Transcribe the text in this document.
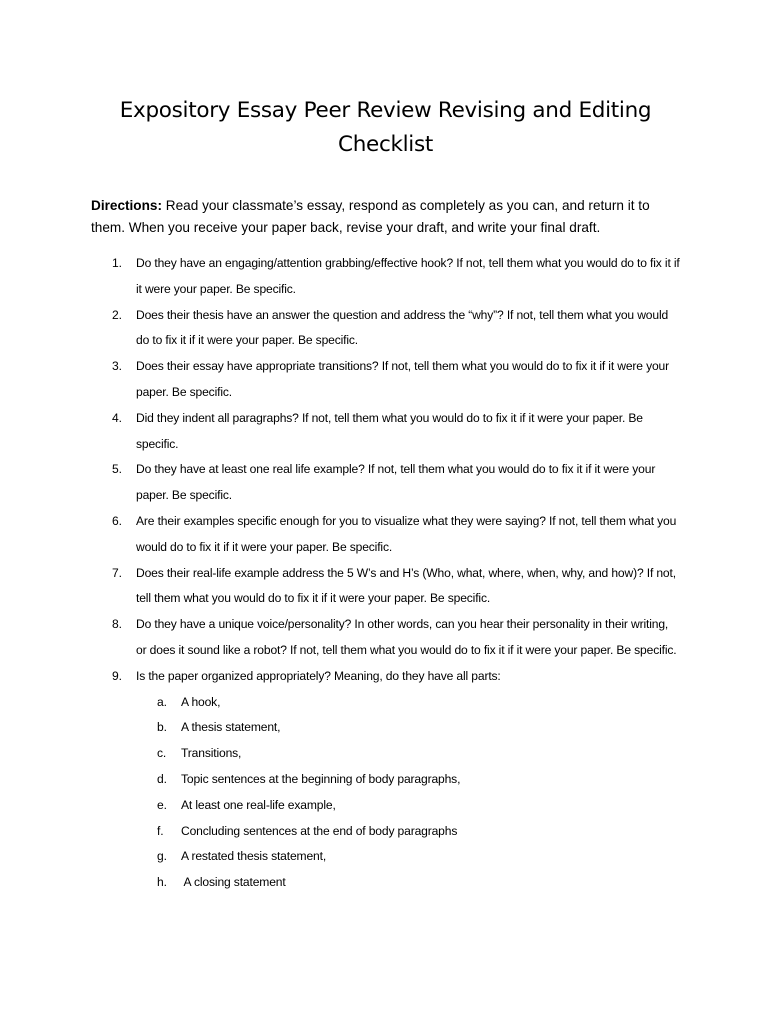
Expository Essay Peer Review Revising and Editing
Checklist

Directions: Read your classmate’s essay, respond as completely as you can, and return it to them. When you receive your paper back, revise your draft, and write your final draft.

1. Do they have an engaging/attention grabbing/effective hook? If not, tell them what you would do to fix it if it were your paper. Be specific.
2. Does their thesis have an answer the question and address the “why”? If not, tell them what you would do to fix it if it were your paper. Be specific.
3. Does their essay have appropriate transitions? If not, tell them what you would do to fix it if it were your paper. Be specific.
4. Did they indent all paragraphs? If not, tell them what you would do to fix it if it were your paper. Be specific.
5. Do they have at least one real life example? If not, tell them what you would do to fix it if it were your paper. Be specific.
6. Are their examples specific enough for you to visualize what they were saying? If not, tell them what you would do to fix it if it were your paper. Be specific.
7. Does their real-life example address the 5 W’s and H’s (Who, what, where, when, why, and how)? If not, tell them what you would do to fix it if it were your paper. Be specific.
8. Do they have a unique voice/personality? In other words, can you hear their personality in their writing, or does it sound like a robot? If not, tell them what you would do to fix it if it were your paper. Be specific.
9. Is the paper organized appropriately? Meaning, do they have all parts:
a. A hook,
b. A thesis statement,
c. Transitions,
d. Topic sentences at the beginning of body paragraphs,
e. At least one real-life example,
f. Concluding sentences at the end of body paragraphs
g. A restated thesis statement,
h. A closing statement
